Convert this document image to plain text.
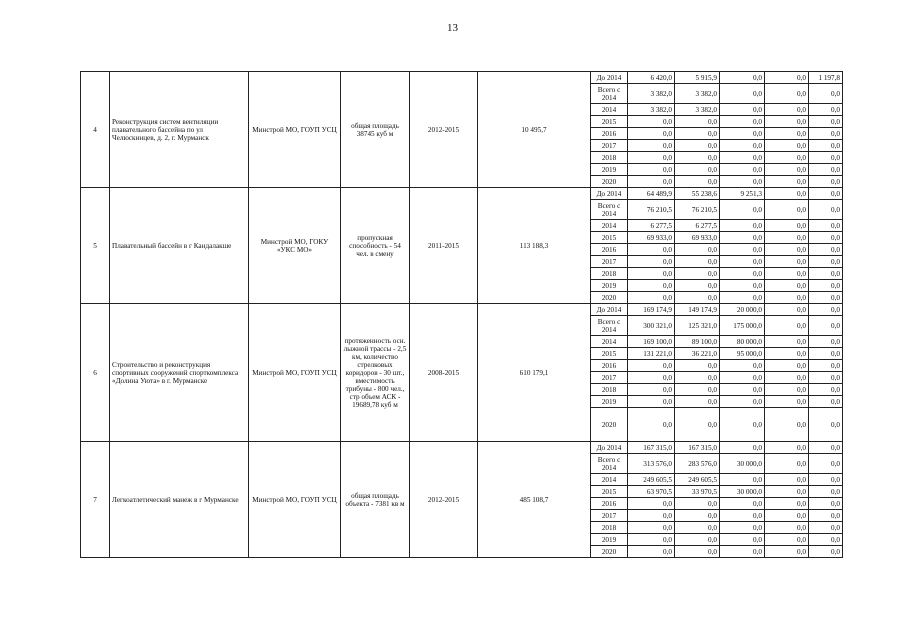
13
4	Реконструкция систем вентиляции плавательного бассейна по ул Челюскинцев, д. 2, г. Мурманск	Минстрой МО, ГОУП УСЦ	общая площадь 38745 куб м	2012-2015	10 495,7	До 2014	6 420,0	5 915,9	0,0	0,0	1 197,8
						Всего с 2014	3 382,0	3 382,0	0,0	0,0	0,0
						2014	3 382,0	3 382,0	0,0	0,0	0,0
						2015	0,0	0,0	0,0	0,0	0,0
						2016	0,0	0,0	0,0	0,0	0,0
						2017	0,0	0,0	0,0	0,0	0,0
						2018	0,0	0,0	0,0	0,0	0,0
						2019	0,0	0,0	0,0	0,0	0,0
						2020	0,0	0,0	0,0	0,0	0,0
5	Плавательный бассейн в г Кандалакше	Минстрой МО, ГОКУ «УКС МО»	пропускная способность - 54 чел. в смену	2011-2015	113 188,3	До 2014	64 489,9	55 238,6	9 251,3	0,0	0,0
						Всего с 2014	76 210,5	76 210,5	0,0	0,0	0,0
						2014	6 277,5	6 277,5	0,0	0,0	0,0
						2015	69 933,0	69 933,0	0,0	0,0	0,0
						2016	0,0	0,0	0,0	0,0	0,0
						2017	0,0	0,0	0,0	0,0	0,0
						2018	0,0	0,0	0,0	0,0	0,0
						2019	0,0	0,0	0,0	0,0	0,0
						2020	0,0	0,0	0,0	0,0	0,0
6	Строительство и реконструкция спортивных сооружений спорткомплекса «Долина Уюта» в г. Мурманске	Минстрой МО, ГОУП УСЦ	протяженность осн. лыжной трассы - 2,5 км, количество стрелковых коридоров - 30 шт., вместимость трибуны - 800 чел., стр объем АСК - 19689,78 куб м	2008-2015	610 179,1	До 2014	169 174,9	149 174,9	20 000,0	0,0	0,0
						Всего с 2014	300 321,0	125 321,0	175 000,0	0,0	0,0
						2014	169 100,0	89 100,0	80 000,0	0,0	0,0
						2015	131 221,0	36 221,0	95 000,0	0,0	0,0
						2016	0,0	0,0	0,0	0,0	0,0
						2017	0,0	0,0	0,0	0,0	0,0
						2018	0,0	0,0	0,0	0,0	0,0
						2019	0,0	0,0	0,0	0,0	0,0
						2020	0,0	0,0	0,0	0,0	0,0
7	Легкоатлетический манеж в г Мурманске	Минстрой МО, ГОУП УСЦ	общая площадь объекта - 7381 кв м	2012-2015	485 108,7	До 2014	167 315,0	167 315,0	0,0	0,0	0,0
						Всего с 2014	313 576,0	283 576,0	30 000,0	0,0	0,0
						2014	249 605,5	249 605,5	0,0	0,0	0,0
						2015	63 970,5	33 970,5	30 000,0	0,0	0,0
						2016	0,0	0,0	0,0	0,0	0,0
						2017	0,0	0,0	0,0	0,0	0,0
						2018	0,0	0,0	0,0	0,0	0,0
						2019	0,0	0,0	0,0	0,0	0,0
						2020	0,0	0,0	0,0	0,0	0,0
